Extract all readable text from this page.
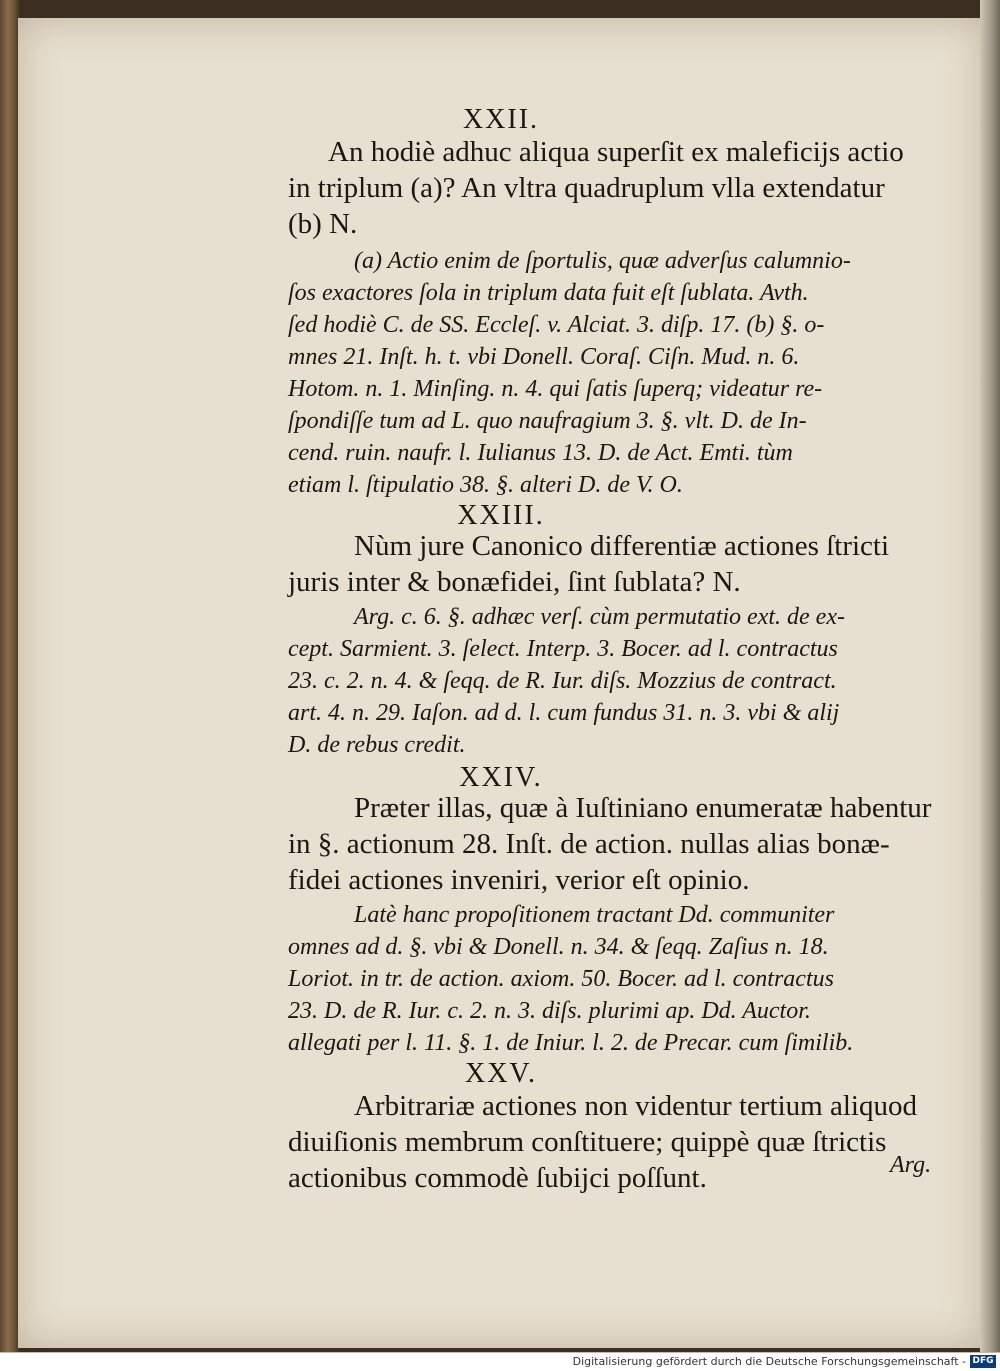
XXII.
An hodiè adhuc aliqua superſit ex maleficijs actio
in triplum (a)? An vltra quadruplum vlla extendatur
(b) N.
(a) Actio enim de ſportulis, quæ adverſus calumnio-
ſos exactores ſola in triplum data fuit eſt ſublata. Avth.
ſed hodiè C. de SS. Eccleſ. v. Alciat. 3. diſp. 17. (b) §. o-
mnes 21. Inſt. h. t. vbi Donell. Coraſ. Ciſn. Mud. n. 6.
Hotom. n. 1. Minſing. n. 4. qui ſatis ſuperq; videatur re-
ſpondiſſe tum ad L. quo naufragium 3. §. vlt. D. de In-
cend. ruin. naufr. l. Iulianus 13. D. de Act. Emti. tùm
etiam l. ſtipulatio 38. §. alteri D. de V. O.
XXIII.
Nùm jure Canonico differentiæ actiones ſtricti
juris inter & bonæfidei, ſint ſublata? N.
Arg. c. 6. §. adhæc verſ. cùm permutatio ext. de ex-
cept. Sarmient. 3. ſelect. Interp. 3. Bocer. ad l. contractus
23. c. 2. n. 4. & ſeqq. de R. Iur. diſs. Mozzius de contract.
art. 4. n. 29. Iaſon. ad d. l. cum fundus 31. n. 3. vbi & alij
D. de rebus credit.
XXIV.
Præter illas, quæ à Iuſtiniano enumeratæ habentur
in §. actionum 28. Inſt. de action. nullas alias bonæ-
fidei actiones inveniri, verior eſt opinio.
Latè hanc propoſitionem tractant Dd. communiter
omnes ad d. §. vbi & Donell. n. 34. & ſeqq. Zaſius n. 18.
Loriot. in tr. de action. axiom. 50. Bocer. ad l. contractus
23. D. de R. Iur. c. 2. n. 3. diſs. plurimi ap. Dd. Auctor.
allegati per l. 11. §. 1. de Iniur. l. 2. de Precar. cum ſimilib.
XXV.
Arbitrariæ actiones non videntur tertium aliquod
diuiſionis membrum conſtituere; quippè quæ ſtrictis
actionibus commodè ſubijci poſſunt.	Arg.
Digitalisierung gefördert durch die Deutsche Forschungsgemeinschaft - DFG
